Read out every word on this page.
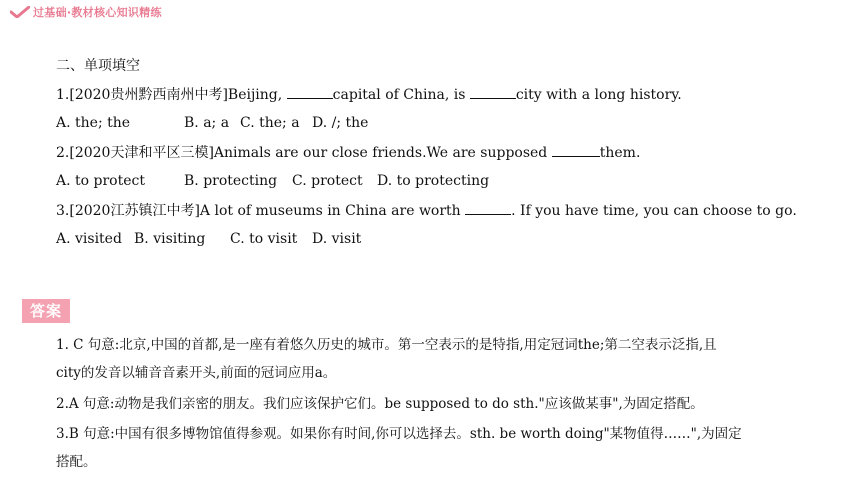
过基础·教材核心知识精练
二、单项填空
1.[2020贵州黔西南州中考]Beijing,	capital of China, is	city with a long history.
A. the; the	B. a; a C. the; a D. /; the
2.[2020天津和平区三模]Animals are our close friends.We are supposed	them.
A. to protect	B. protecting C. protect D. to protecting
3.[2020江苏镇江中考]A lot of museums in China are worth	. If you have time, you can choose to go.
A. visited B. visiting C. to visit D. visit
答案
1. C 句意:北京,中国的首都,是一座有着悠久历史的城市。第一空表示的是特指,用定冠词the;第二空表示泛指,且
city的发音以辅音音素开头,前面的冠词应用a。
2.A 句意:动物是我们亲密的朋友。我们应该保护它们。be supposed to do sth."应该做某事",为固定搭配。
3.B 句意:中国有很多博物馆值得参观。如果你有时间,你可以选择去。sth. be worth doing"某物值得……",为固定
搭配。
